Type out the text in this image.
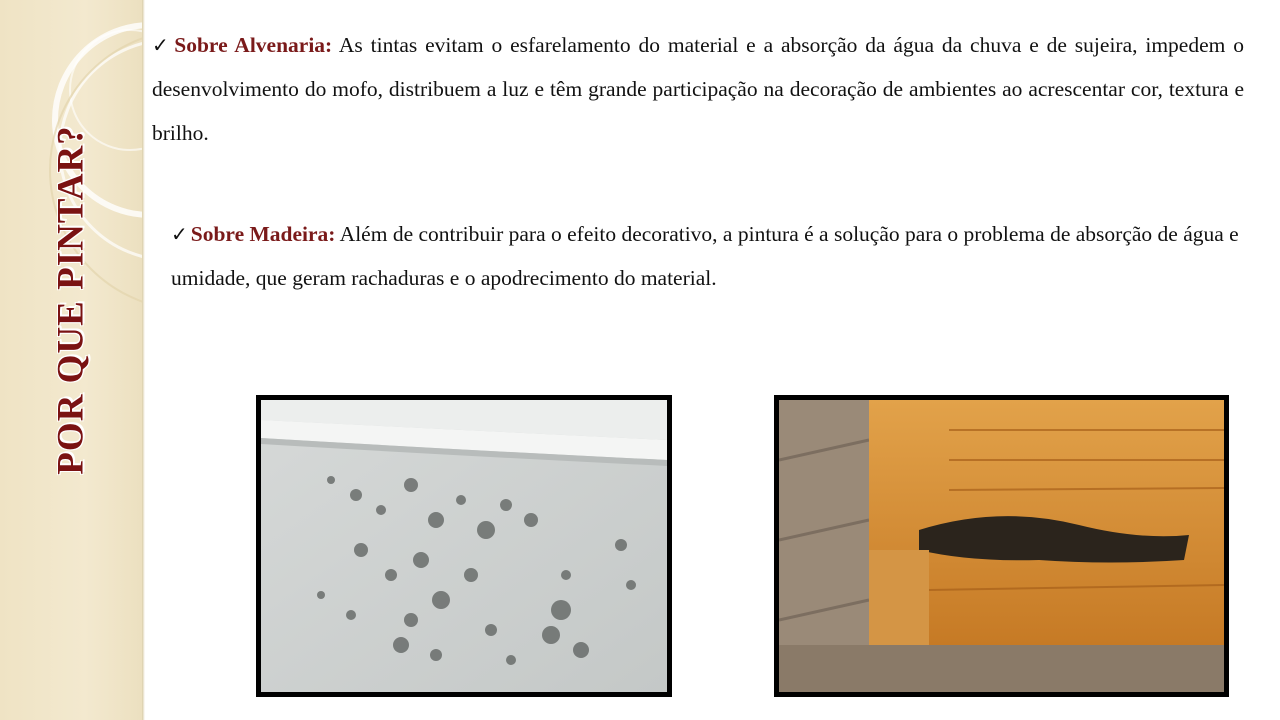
POR QUE PINTAR?
✓ Sobre Alvenaria: As tintas evitam o esfarelamento do material e a absorção da água da chuva e de sujeira, impedem o desenvolvimento do mofo, distribuem a luz e têm grande participação na decoração de ambientes ao acrescentar cor, textura e brilho.
✓ Sobre Madeira: Além de contribuir para o efeito decorativo, a pintura é a solução para o problema de absorção de água e umidade, que geram rachaduras e o apodrecimento do material.
